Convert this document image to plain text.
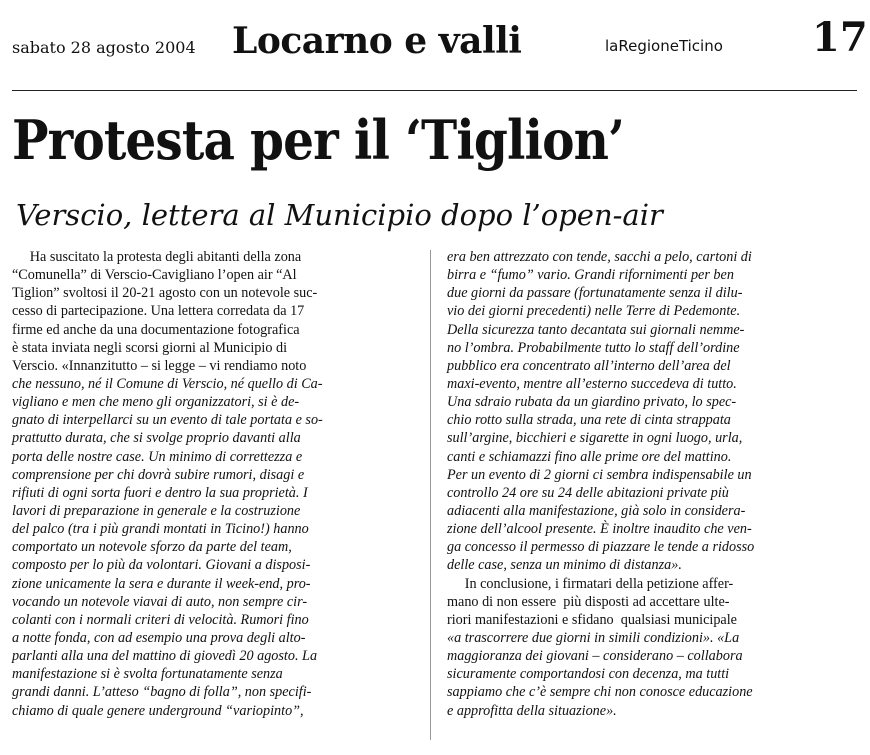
sabato 28 agosto 2004 Locarno e valli	laRegioneTicino 17
Protesta per il ‘Tiglion’
Verscio, lettera al Municipio dopo l’open-air
Ha suscitato la protesta degli abitanti della zona
“Comunella” di Verscio-Cavigliano l’open air “Al
Tiglion” svoltosi il 20-21 agosto con un notevole suc-
cesso di partecipazione. Una lettera corredata da 17
firme ed anche da una documentazione fotografica
è stata inviata negli scorsi giorni al Municipio di
Verscio. «Innanzitutto – si legge – vi rendiamo noto
che nessuno, né il Comune di Verscio, né quello di Ca-
vigliano e men che meno gli organizzatori, si è de-
gnato di interpellarci su un evento di tale portata e so-
prattutto durata, che si svolge proprio davanti alla
porta delle nostre case. Un minimo di correttezza e
comprensione per chi dovrà subire rumori, disagi e
rifiuti di ogni sorta fuori e dentro la sua proprietà. I
lavori di preparazione in generale e la costruzione
del palco (tra i più grandi montati in Ticino!) hanno
comportato un notevole sforzo da parte del team,
composto per lo più da volontari. Giovani a disposi-
zione unicamente la sera e durante il week-end, pro-
vocando un notevole viavai di auto, non sempre cir-
colanti con i normali criteri di velocità. Rumori fino
a notte fonda, con ad esempio una prova degli alto-
parlanti alla una del mattino di giovedì 20 agosto. La
manifestazione si è svolta fortunatamente senza
grandi danni. L’atteso “bagno di folla”, non specifi-
chiamo di quale genere underground “variopinto”,
era ben attrezzato con tende, sacchi a pelo, cartoni di
birra e “fumo” vario. Grandi rifornimenti per ben
due giorni da passare (fortunatamente senza il dilu-
vio dei giorni precedenti) nelle Terre di Pedemonte.
Della sicurezza tanto decantata sui giornali nemme-
no l’ombra. Probabilmente tutto lo staff dell’ordine
pubblico era concentrato all’interno dell’area del
maxi-evento, mentre all’esterno succedeva di tutto.
Una sdraio rubata da un giardino privato, lo spec-
chio rotto sulla strada, una rete di cinta strappata
sull’argine, bicchieri e sigarette in ogni luogo, urla,
canti e schiamazzi fino alle prime ore del mattino.
Per un evento di 2 giorni ci sembra indispensabile un
controllo 24 ore su 24 delle abitazioni private più
adiacenti alla manifestazione, già solo in considera-
zione dell’alcool presente. È inoltre inaudito che ven-
ga concesso il permesso di piazzare le tende a ridosso
delle case, senza un minimo di distanza».
In conclusione, i firmatari della petizione affer-
mano di non essere  più disposti ad accettare ulte-
riori manifestazioni e sfidano  qualsiasi municipale
«a trascorrere due giorni in simili condizioni». «La
maggioranza dei giovani – considerano – collabora
sicuramente comportandosi con decenza, ma tutti
sappiamo che c’è sempre chi non conosce educazione
e approfitta della situazione».
